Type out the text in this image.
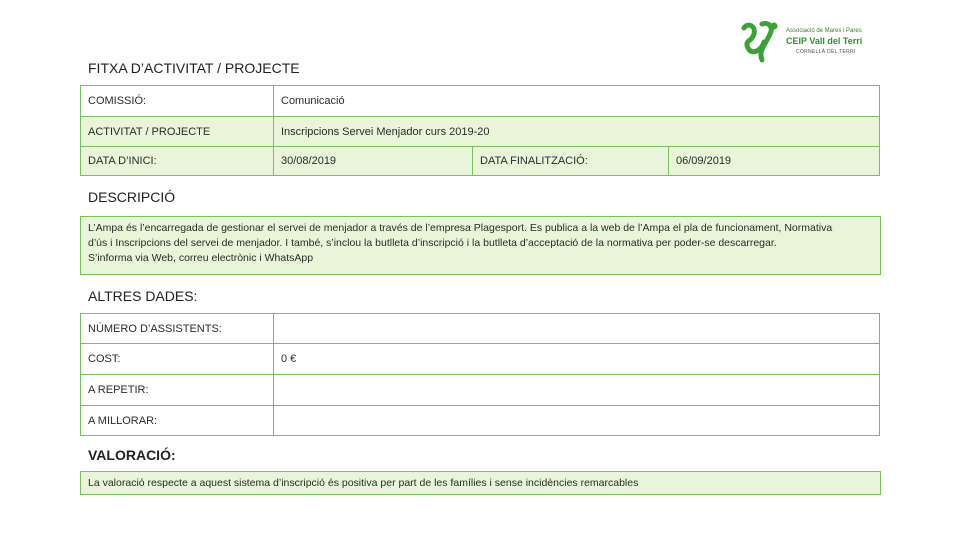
Associació de Mares i Pares
CEIP Vall del Terri
CORNELLÀ DEL TERRI
FITXA D’ACTIVITAT / PROJECTE
COMISSIÓ:	Comunicació		
ACTIVITAT / PROJECTE	Inscripcions Servei Menjador curs 2019-20		
DATA D’INICI:	30/08/2019	DATA FINALITZACIÓ:	06/09/2019
DESCRIPCIÓ
L’Ampa és l’encarregada de gestionar el servei de menjador a través de l’empresa Plagesport. Es publica a la web de l’Ampa el pla de funcionament, Normativa
d’ús i Inscripcions del servei de menjador. I també, s’inclou la butlleta d’inscripció i la butlleta d’acceptació de la normativa per poder-se descarregar.
S’informa via Web, correu electrònic i WhatsApp
ALTRES DADES:
NÚMERO D’ASSISTENTS:	
COST:	0 €
A REPETIR:	
A MILLORAR:	
VALORACIÓ:
La valoració respecte a aquest sistema d’inscripció és positiva per part de les famílies i sense incidències remarcables
